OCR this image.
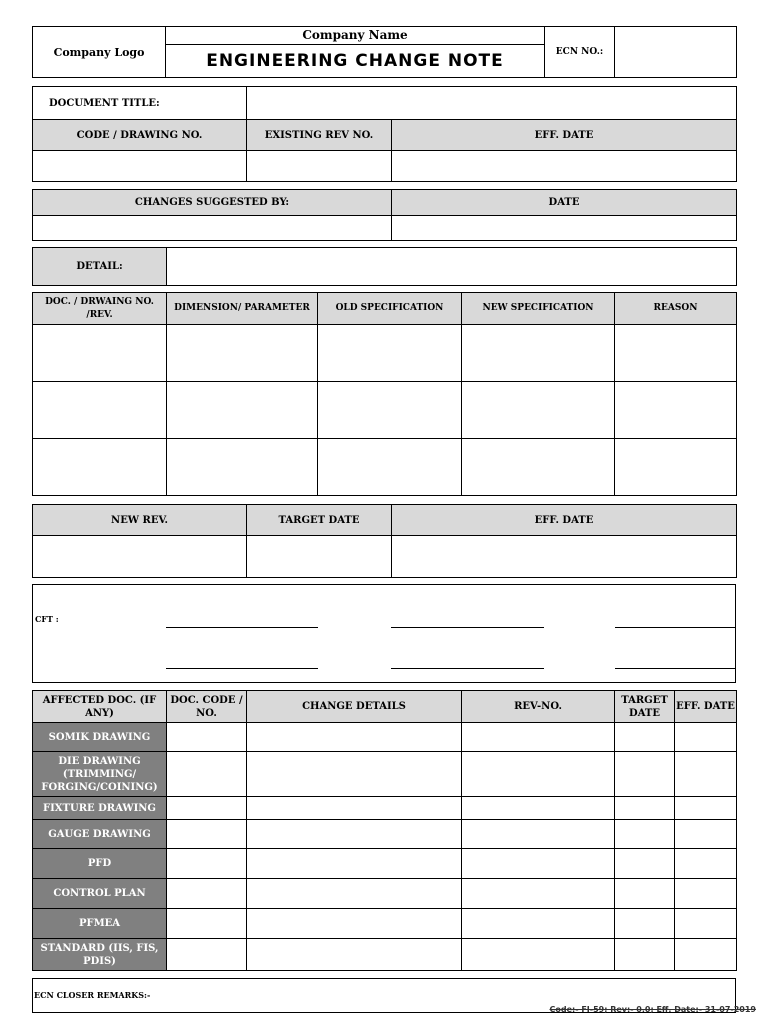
Company Logo	Company Name	ECN NO.:	
ENGINEERING CHANGE NOTE
DOCUMENT TITLE:		
CODE / DRAWING NO.	EXISTING REV NO.	EFF. DATE

CHANGES SUGGESTED BY:	DATE

DETAIL:	
DOC. / DRWAING NO. /REV.	DIMENSION/ PARAMETER	OLD SPECIFICATION	NEW SPECIFICATION	REASON

NEW REV.	TARGET DATE	EFF. DATE

CFT :
AFFECTED DOC. (IF ANY)	DOC. CODE / NO.	CHANGE DETAILS	REV-NO.	TARGET DATE	EFF. DATE
SOMIK DRAWING					
DIE DRAWING (TRIMMING/ FORGING/COINING)					
FIXTURE DRAWING					
GAUGE DRAWING					
PFD					
CONTROL PLAN					
PFMEA					
STANDARD (IIS, FIS, PDIS)					
ECN CLOSER REMARKS:-
Code:- FI-59; Rev:- 0.0; Eff. Date:- 31-07-2019
